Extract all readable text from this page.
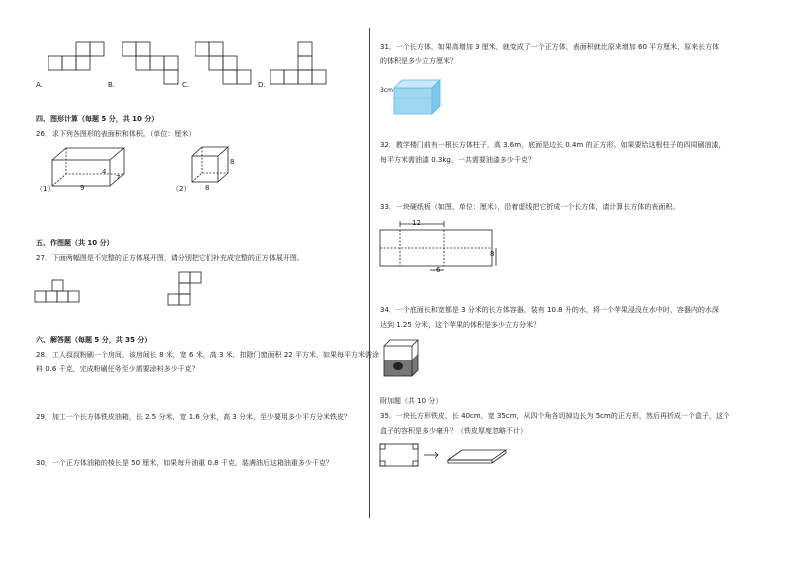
A.	B.	C.	D.
四、图形计算（每题 5 分，共 10 分）
26．求下列各图形的表面积和体积。（单位：厘米）
4
7
9
（1）
8
8
（2）
五、作图题（共 10 分）
27．下面两幅图是不完整的正方体展开图，请分别把它们补充成完整的正方体展开图。
六、解答题（每题 5 分，共 35 分）
28．工人叔叔粉刷一个房间，该房间长 8 米，宽 6 米，高 3 米，扣除门窗面积 22 平方米，如果每平方米需涂
料 0.6 千克，完成粉刷任务至少需要涂料多少千克？
29．加工一个长方体铁皮油箱，长 2.5 分米，宽 1.6 分米，高 3 分米，至少要用多少平方分米铁皮？
30．一个正方体油箱的棱长是 50 厘米，如果每升油重 0.8 千克，装满油后这箱油重多少千克？
31．一个长方体，如果高增加 3 厘米，就变成了一个正方体，表面积就比原来增加 60 平方厘米，原来长方体
的体积是多少立方厘米？
3cm
32．教学楼门前有一根长方体柱子，高 3.6m，底面是边长 0.4m 的正方形。如果要给这根柱子的四周刷油漆，
每平方米需油漆 0.3kg，一共需要油漆多少千克？
33．一块硬纸板（如图，单位：厘米），沿着虚线把它折成一个长方体，请计算长方体的表面积。
12
8
6
34．一个底面长和宽都是 3 分米的长方体容器，装有 10.8 升的水，将一个苹果浸没在水中时，容器内的水深
达到 1.25 分米，这个苹果的体积是多少立方分米？
附加题（共 10 分）
35．一块长方形铁皮，长 40cm，宽 35cm，从四个角各切掉边长为 5cm的正方形，然后再折成一个盒子，这个
盒子的容积是多少毫升？（铁皮厚度忽略不计）
